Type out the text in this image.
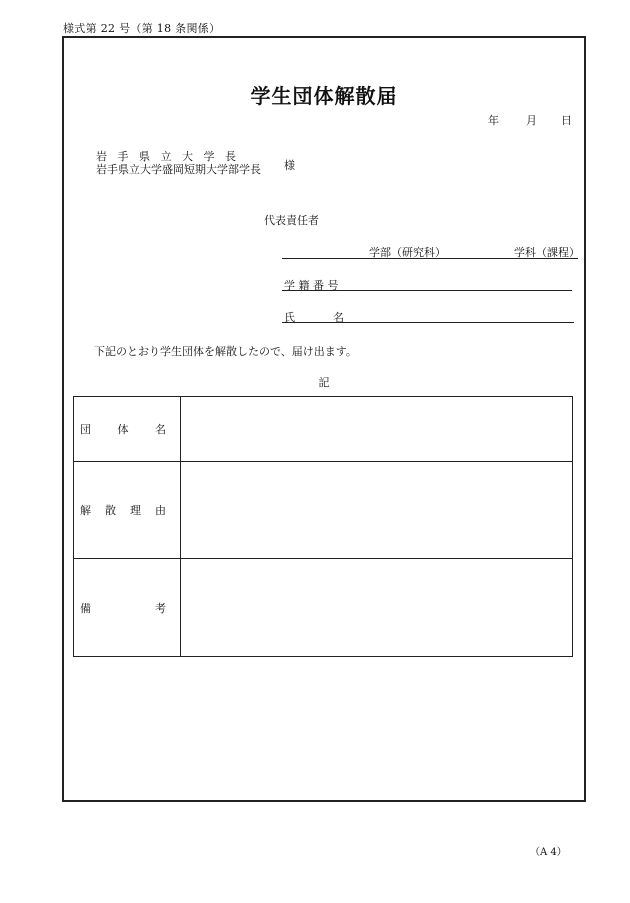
様式第 22 号（第 18 条関係）
学生団体解散届
年 月 日
岩手県立大学長
岩手県立大学盛岡短期大学部学長 様
代表責任者
学部（研究科）	学科（課程）
学 籍 番 号
氏	名
下記のとおり学生団体を解散したので、届け出ます。
記
団 体 名	

解 散 理 由	

備 考	

（A 4）
